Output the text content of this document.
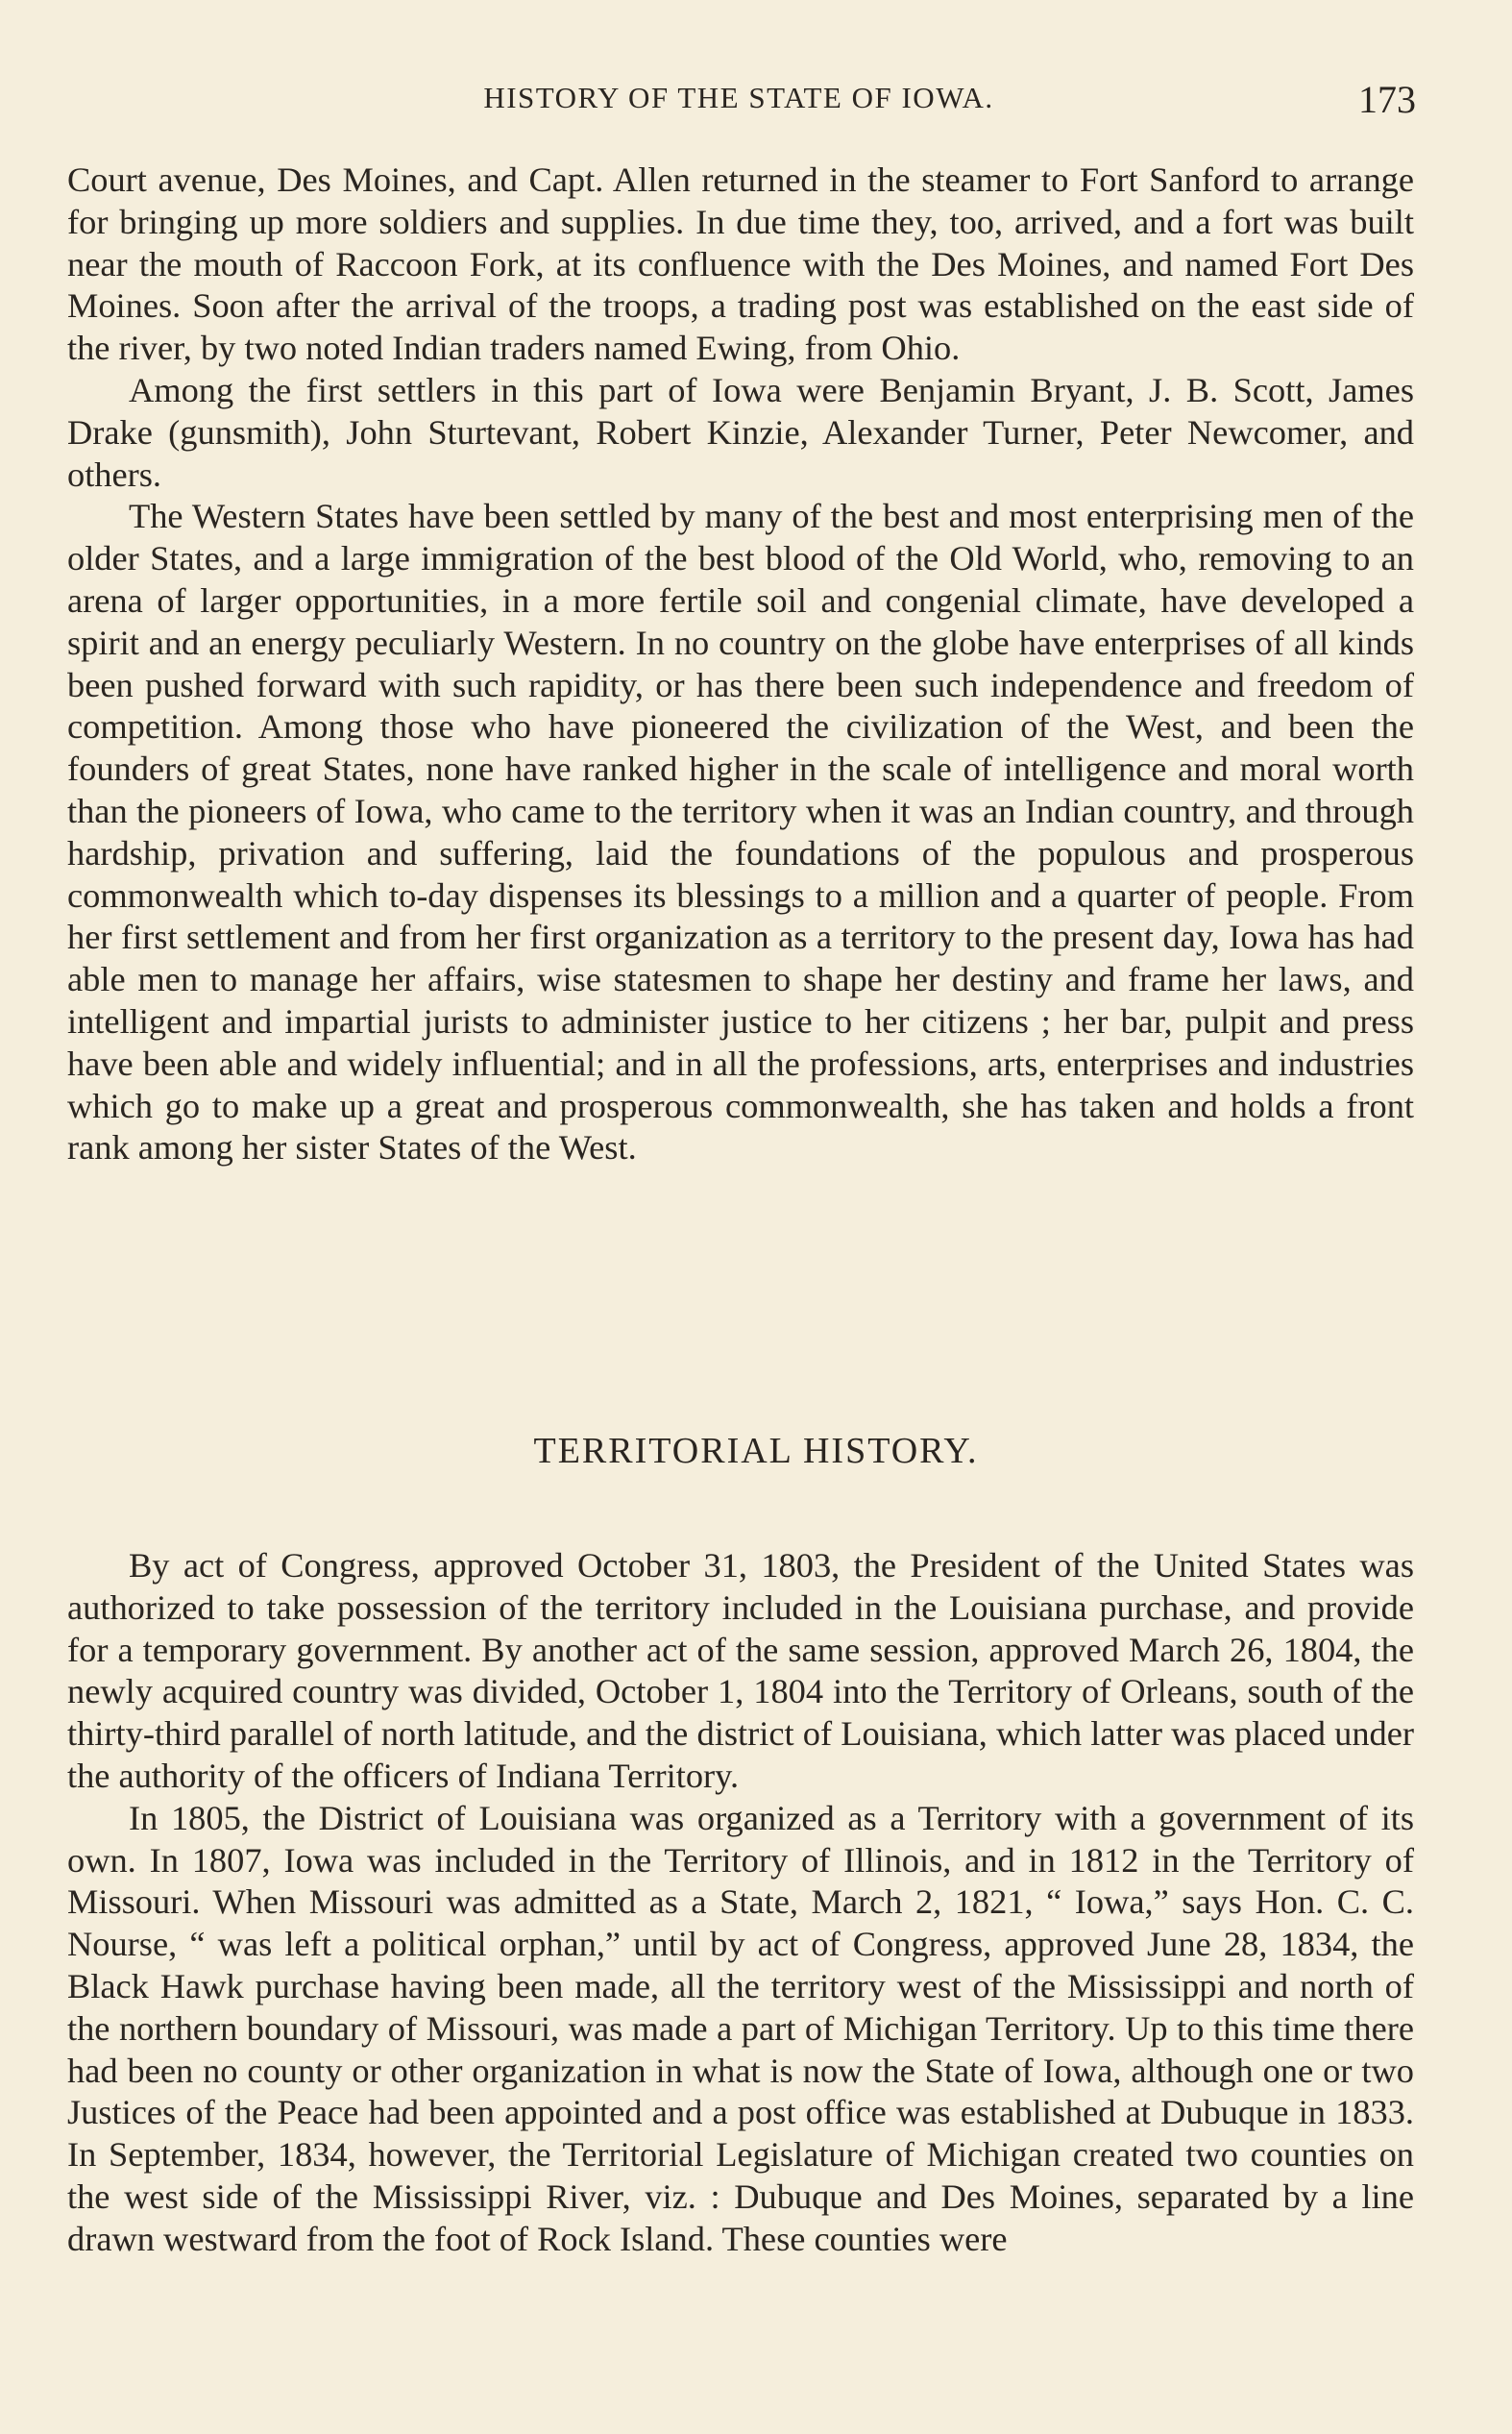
HISTORY OF THE STATE OF IOWA.	173

Court avenue, Des Moines, and Capt. Allen returned in the steamer to Fort Sanford to arrange for bringing up more soldiers and supplies. In due time they, too, arrived, and a fort was built near the mouth of Raccoon Fork, at its confluence with the Des Moines, and named Fort Des Moines. Soon after the arrival of the troops, a trading post was established on the east side of the river, by two noted Indian traders named Ewing, from Ohio.

Among the first settlers in this part of Iowa were Benjamin Bryant, J. B. Scott, James Drake (gunsmith), John Sturtevant, Robert Kinzie, Alexander Turner, Peter Newcomer, and others.

The Western States have been settled by many of the best and most enterprising men of the older States, and a large immigration of the best blood of the Old World, who, removing to an arena of larger opportunities, in a more fertile soil and congenial climate, have developed a spirit and an energy peculiarly Western. In no country on the globe have enterprises of all kinds been pushed forward with such rapidity, or has there been such independence and freedom of competition. Among those who have pioneered the civilization of the West, and been the founders of great States, none have ranked higher in the scale of intelligence and moral worth than the pioneers of Iowa, who came to the territory when it was an Indian country, and through hardship, privation and suffering, laid the foundations of the populous and prosperous commonwealth which to-day dispenses its blessings to a million and a quarter of people. From her first settlement and from her first organization as a territory to the present day, Iowa has had able men to manage her affairs, wise statesmen to shape her destiny and frame her laws, and intelligent and impartial jurists to administer justice to her citizens ; her bar, pulpit and press have been able and widely influential; and in all the professions, arts, enterprises and industries which go to make up a great and prosperous commonwealth, she has taken and holds a front rank among her sister States of the West.

TERRITORIAL HISTORY.

By act of Congress, approved October 31, 1803, the President of the United States was authorized to take possession of the territory included in the Louisiana purchase, and provide for a temporary government. By another act of the same session, approved March 26, 1804, the newly acquired country was divided, October 1, 1804 into the Territory of Orleans, south of the thirty-third parallel of north latitude, and the district of Louisiana, which latter was placed under the authority of the officers of Indiana Territory.

In 1805, the District of Louisiana was organized as a Territory with a government of its own. In 1807, Iowa was included in the Territory of Illinois, and in 1812 in the Territory of Missouri. When Missouri was admitted as a State, March 2, 1821, “ Iowa,” says Hon. C. C. Nourse, “ was left a political orphan,” until by act of Congress, approved June 28, 1834, the Black Hawk purchase having been made, all the territory west of the Mississippi and north of the northern boundary of Missouri, was made a part of Michigan Territory. Up to this time there had been no county or other organization in what is now the State of Iowa, although one or two Justices of the Peace had been appointed and a post office was established at Dubuque in 1833. In September, 1834, however, the Territorial Legislature of Michigan created two counties on the west side of the Mississippi River, viz. : Dubuque and Des Moines, separated by a line drawn westward from the foot of Rock Island. These counties were
